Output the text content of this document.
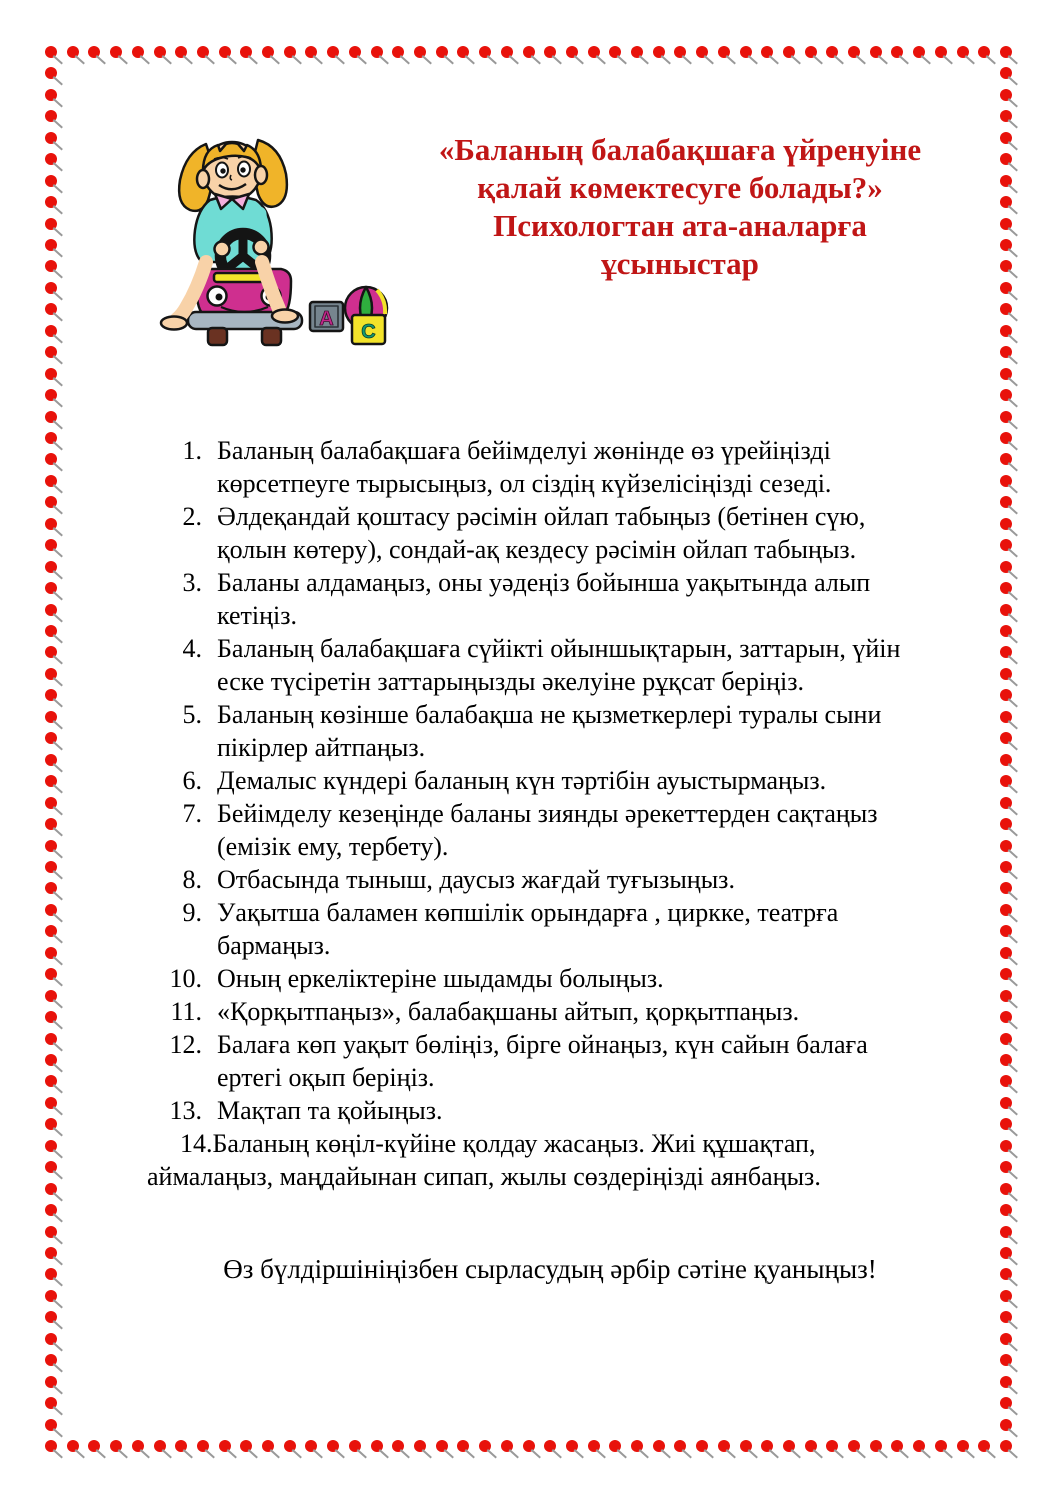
А
С
«Баланың балабақшаға үйренуіне
қалай көмектесуге болады?»
Психологтан ата-аналарға
ұсыныстар
1. Баланың балабақшаға бейімделуі жөнінде өз үрейіңізді көрсетпеуге тырысыңыз, ол сіздің күйзелісіңізді сезеді.
2. Әлдеқандай қоштасу рәсімін ойлап табыңыз (бетінен сүю, қолын көтеру), сондай-ақ кездесу рәсімін ойлап табыңыз.
3. Баланы алдамаңыз, оны уәдеңіз бойынша уақытында алып кетіңіз.
4. Баланың балабақшаға сүйікті ойыншықтарын, заттарын, үйін еске түсіретін заттарыңызды әкелуіне рұқсат беріңіз.
5. Баланың көзінше балабақша не қызметкерлері туралы сыни пікірлер айтпаңыз.
6. Демалыс күндері баланың күн тәртібін ауыстырмаңыз.
7. Бейімделу кезеңінде баланы зиянды әрекеттерден сақтаңыз (емізік ему, тербету).
8. Отбасында тыныш, даусыз жағдай туғызыңыз.
9. Уақытша баламен көпшілік орындарға , циркке, театрға бармаңыз.
10. Оның еркеліктеріне шыдамды болыңыз.
11. «Қорқытпаңыз», балабақшаны айтып, қорқытпаңыз.
12. Балаға көп уақыт бөліңіз, бірге ойнаңыз, күн сайын балаға ертегі оқып беріңіз.
13. Мақтап та қойыңыз.
14.Баланың көңіл-күйіне қолдау жасаңыз. Жиі құшақтап, аймалаңыз, маңдайынан сипап, жылы сөздеріңізді аянбаңыз.
Өз бүлдіршініңізбен сырласудың әрбір сәтіне қуаныңыз!
